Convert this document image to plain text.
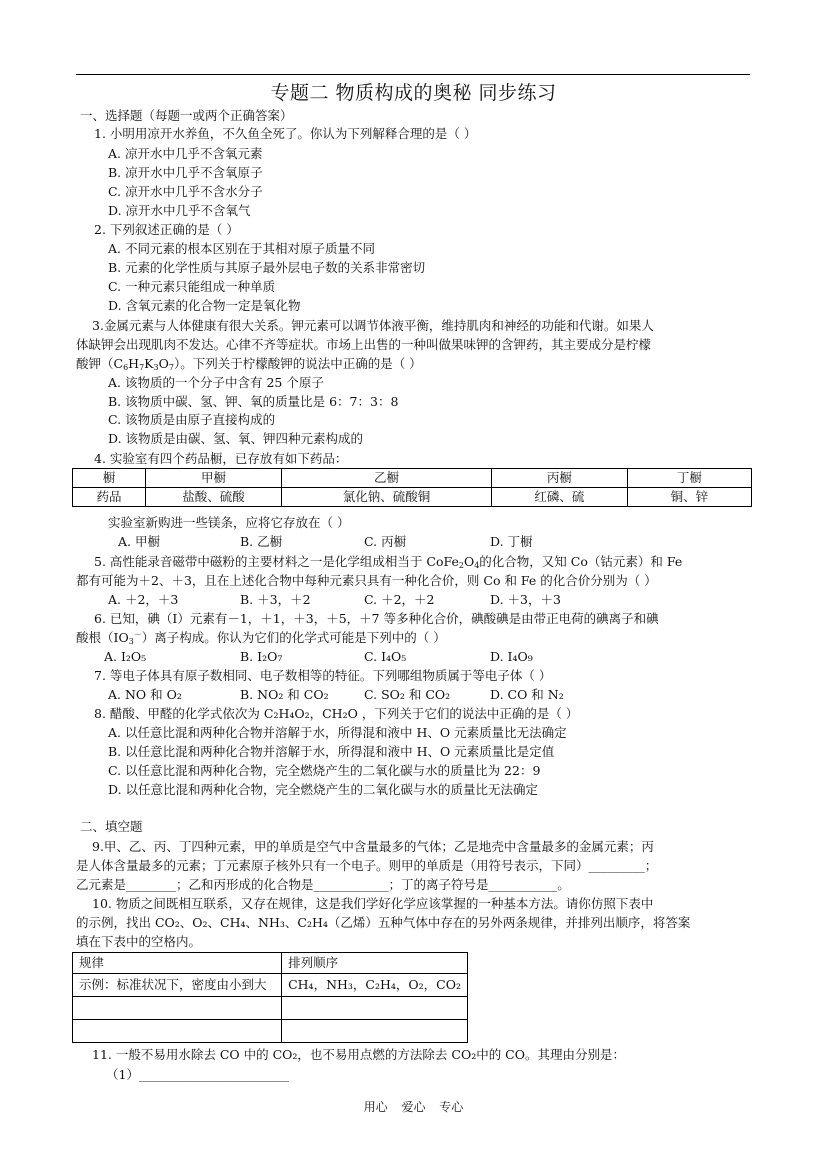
专题二 物质构成的奥秘 同步练习
一、选择题（每题一或两个正确答案）
1. 小明用凉开水养鱼，不久鱼全死了。你认为下列解释合理的是（ ）
A. 凉开水中几乎不含氧元素
B. 凉开水中几乎不含氧原子
C. 凉开水中几乎不含水分子
D. 凉开水中几乎不含氧气
2. 下列叙述正确的是（ ）
A. 不同元素的根本区别在于其相对原子质量不同
B. 元素的化学性质与其原子最外层电子数的关系非常密切
C. 一种元素只能组成一种单质
D. 含氧元素的化合物一定是氧化物
3.金属元素与人体健康有很大关系。钾元素可以调节体液平衡，维持肌肉和神经的功能和代谢。如果人
体缺钾会出现肌肉不发达。心律不齐等症状。市场上出售的一种叫做果味钾的含钾药，其主要成分是柠檬
酸钾$(C_6H_7K_3O_7)$。下列关于柠檬酸钾的说法中正确的是（ ）
A. 该物质的一个分子中含有 25 个原子
B. 该物质中碳、氢、钾、氧的质量比是 6：7：3：8
C. 该物质是由原子直接构成的
D. 该物质是由碳、氢、氧、钾四种元素构成的
4. 实验室有四个药品橱，已存放有如下药品：
橱	甲橱	乙橱	丙橱	丁橱
药品	盐酸、硫酸	氯化钠、硫酸铜	红磷、硫	铜、锌
实验室新购进一些镁条，应将它存放在（ ）
A. 甲橱	B. 乙橱	C. 丙橱	D. 丁橱
5. 高性能录音磁带中磁粉的主要材料之一是化学组成相当于 $CoFe_2O_4$的化合物，又知 Co（钴元素）和 Fe
都有可能为＋2、＋3，且在上述化合物中每种元素只具有一种化合价，则 Co 和 Fe 的化合价分别为（ ）
A. ＋2，＋3	B. ＋3，＋2	C. ＋2，＋2	D. ＋3，＋3
6. 已知，碘（I）元素有－1，＋1，＋3，＋5，＋7 等多种化合价，碘酸碘是由带正电荷的碘离子和碘
酸根$(IO_3^-)$离子构成。你认为它们的化学式可能是下列中的（ ）
A. I₂O₅	B. I₂O₇	C. I₄O₅	D. I₄O₉
7. 等电子体具有原子数相同、电子数相等的特征。下列哪组物质属于等电子体（ ）
A. NO 和 O₂	B. NO₂ 和 CO₂	C. SO₂ 和 CO₂	D. CO 和 N₂
8. 醋酸、甲醛的化学式依次为 C₂H₄O₂，CH₂O ，下列关于它们的说法中正确的是（ ）
A. 以任意比混和两种化合物并溶解于水，所得混和液中 H、O 元素质量比无法确定
B. 以任意比混和两种化合物并溶解于水，所得混和液中 H、O 元素质量比是定值
C. 以任意比混和两种化合物，完全燃烧产生的二氧化碳与水的质量比为 22：9
D. 以任意比混和两种化合物，完全燃烧产生的二氧化碳与水的质量比无法确定
二、填空题
9.甲、乙、丙、丁四种元素，甲的单质是空气中含量最多的气体；乙是地壳中含量最多的金属元素；丙
是人体含量最多的元素；丁元素原子核外只有一个电子。则甲的单质是（用符号表示，下同）_________；
乙元素是________；乙和丙形成的化合物是____________；丁的离子符号是___________。
10. 物质之间既相互联系，又存在规律，这是我们学好化学应该掌握的一种基本方法。请你仿照下表中
的示例，找出 CO₂、O₂、CH₄、NH₃、C₂H₄（乙烯）五种气体中存在的另外两条规律，并排列出顺序，将答案
填在下表中的空格内。
规律	排列顺序
示例：标准状况下，密度由小到大	CH₄，NH₃，C₂H₄，O₂，CO₂

11. 一般不易用水除去 CO 中的 CO₂，也不易用点燃的方法除去 CO₂中的 CO。其理由分别是：
（1）________________________
用心 爱心 专心
